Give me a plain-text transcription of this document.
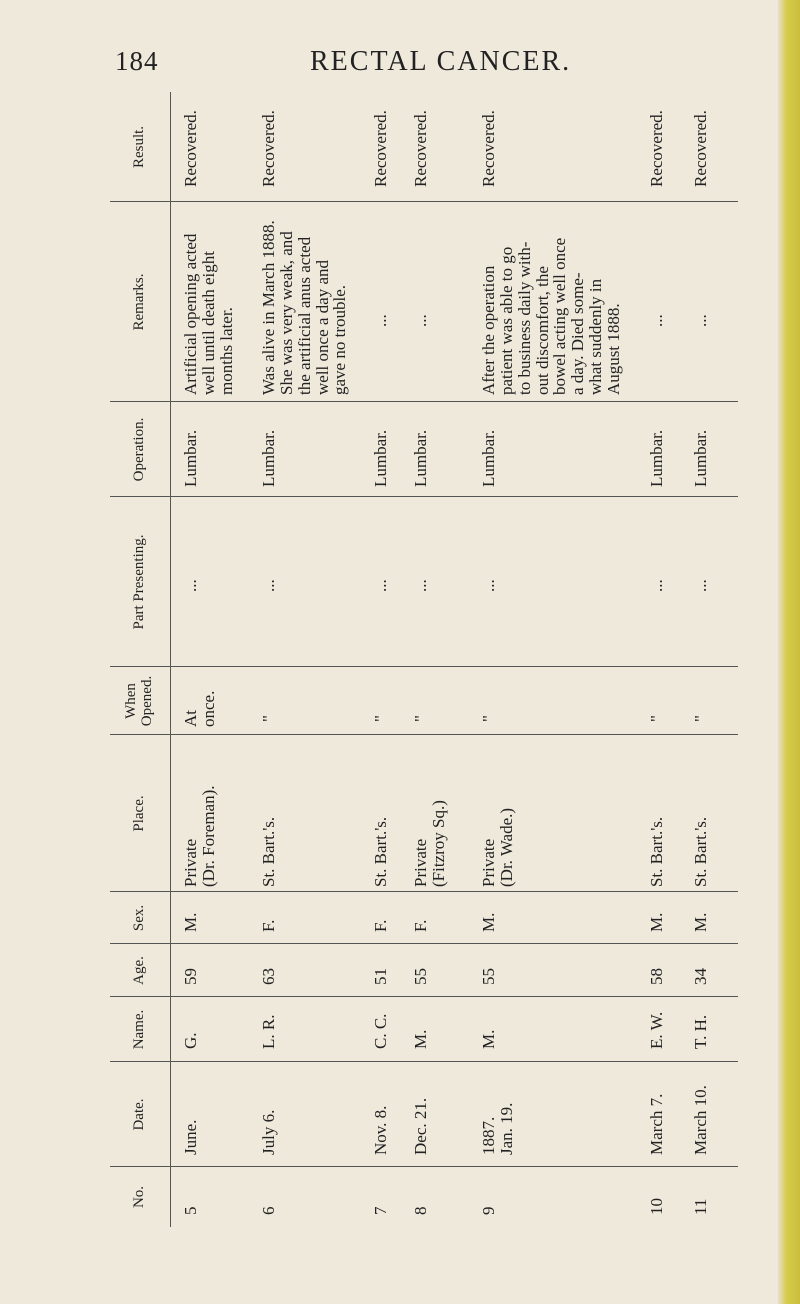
184	RECTAL CANCER.
No.
Date.
Name.
Age.
Sex.
Place.
When
Opened.
Part Presenting.
Operation.
Remarks.
Result.
5
June.
G.
59
M.
Private
(Dr. Foreman).
At
once.
...
Lumbar.
Artificial opening acted
well until death eight
months later.
Recovered.
6
July 6.
L. R.
63
F.
St. Bart.'s.
"
...
Lumbar.
Was alive in March 1888.
She was very weak, and
the artificial anus acted
well once a day and
gave no trouble.
Recovered.
7
Nov. 8.
C. C.
51
F.
St. Bart.'s.
"
...
Lumbar.
...
Recovered.
8
Dec. 21.
M.
55
F.
Private
(Fitzroy Sq.)
"
...
Lumbar.
...
Recovered.
9
1887.
Jan. 19.
M.
55
M.
Private
(Dr. Wade.)
"
...
Lumbar.
After the operation
patient was able to go
to business daily with-
out discomfort, the
bowel acting well once
a day. Died some-
what suddenly in
August 1888.
Recovered.
10
March 7.
E. W.
58
M.
St. Bart.'s.
"
...
Lumbar.
...
Recovered.
11
March 10.
T. H.
34
M.
St. Bart.'s.
"
...
Lumbar.
...
Recovered.
